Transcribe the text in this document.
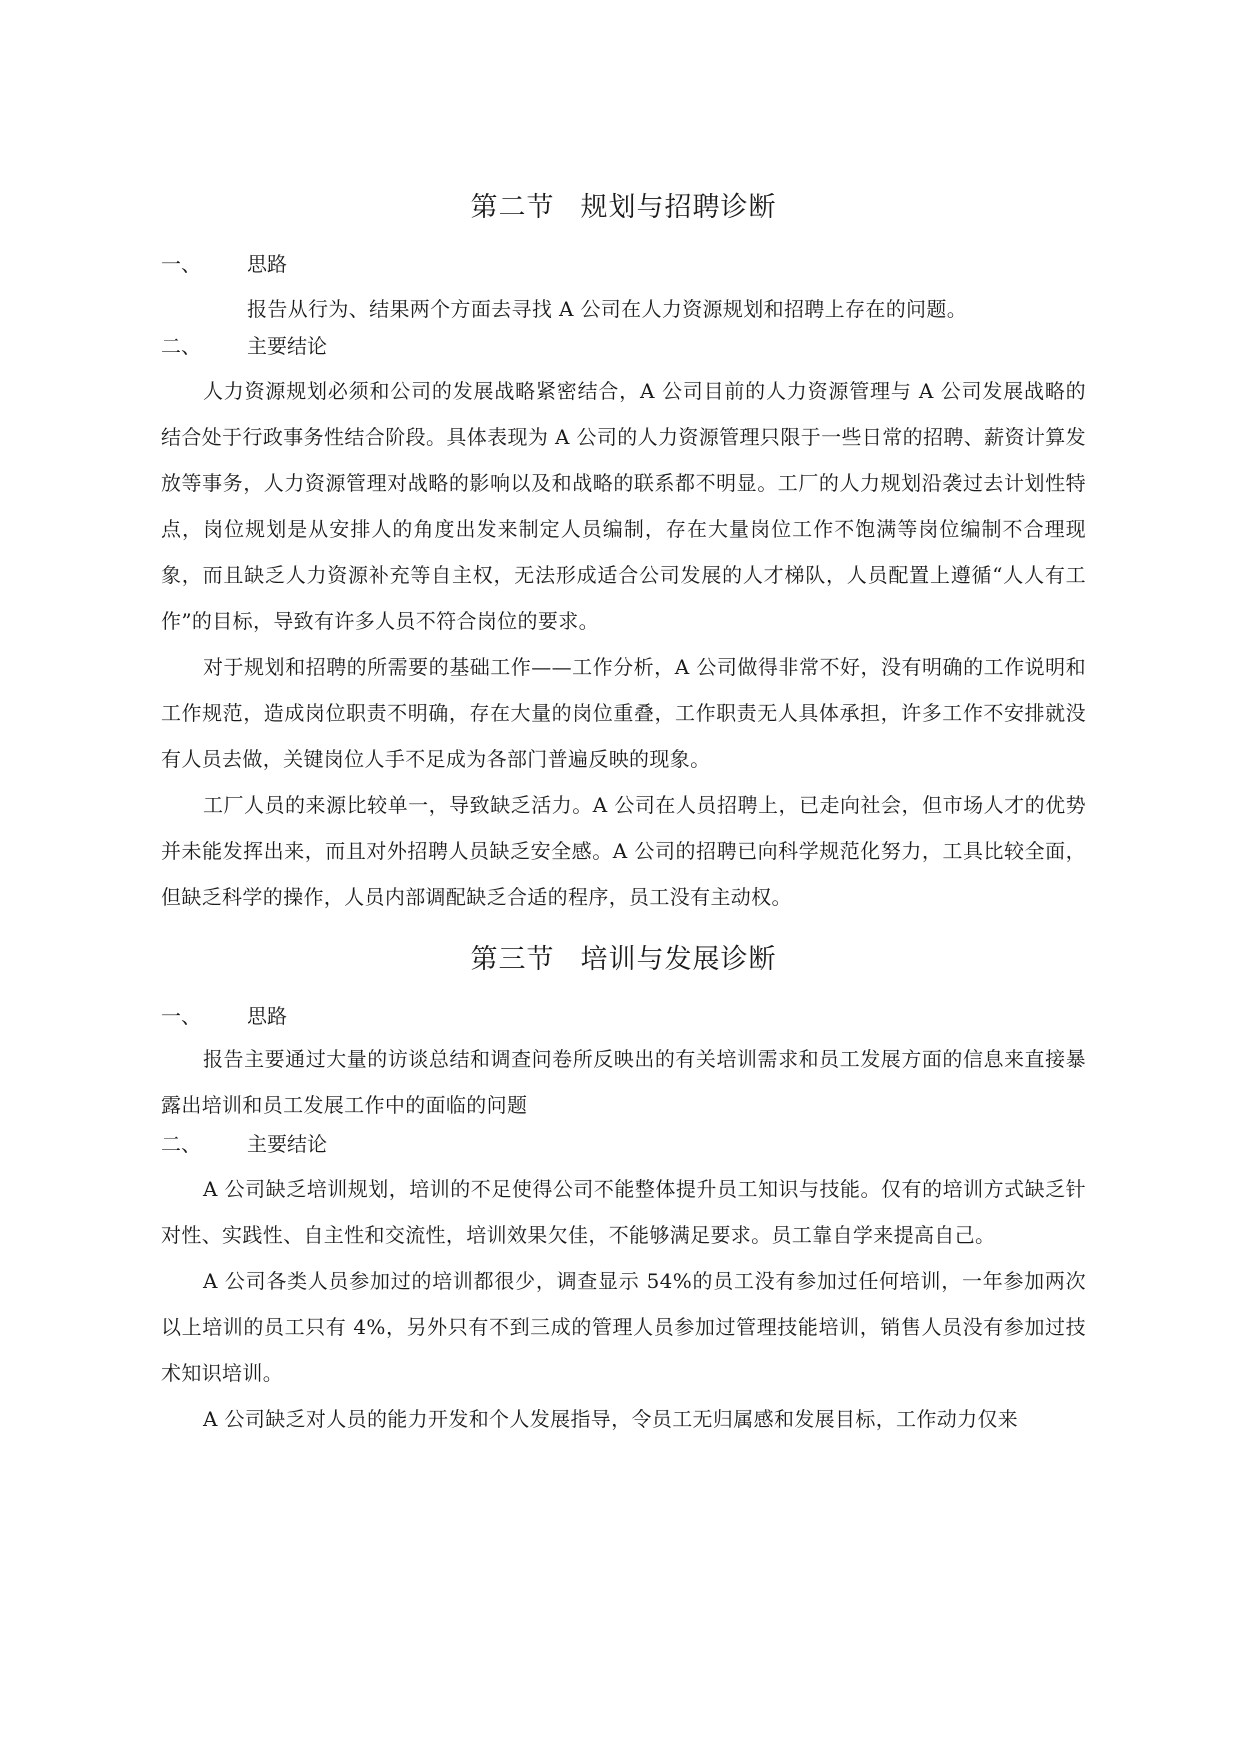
第二节 规划与招聘诊断
一、	思路

报告从行为、结果两个方面去寻找 A 公司在人力资源规划和招聘上存在的问题。

二、	主要结论

人力资源规划必须和公司的发展战略紧密结合，A 公司目前的人力资源管理与 A 公司发展战略的结合处于行政事务性结合阶段。具体表现为 A 公司的人力资源管理只限于一些日常的招聘、薪资计算发放等事务，人力资源管理对战略的影响以及和战略的联系都不明显。工厂的人力规划沿袭过去计划性特点，岗位规划是从安排人的角度出发来制定人员编制，存在大量岗位工作不饱满等岗位编制不合理现象，而且缺乏人力资源补充等自主权，无法形成适合公司发展的人才梯队，人员配置上遵循“人人有工作”的目标，导致有许多人员不符合岗位的要求。

对于规划和招聘的所需要的基础工作——工作分析，A 公司做得非常不好，没有明确的工作说明和工作规范，造成岗位职责不明确，存在大量的岗位重叠，工作职责无人具体承担，许多工作不安排就没有人员去做，关键岗位人手不足成为各部门普遍反映的现象。

工厂人员的来源比较单一，导致缺乏活力。A 公司在人员招聘上，已走向社会，但市场人才的优势并未能发挥出来，而且对外招聘人员缺乏安全感。A 公司的招聘已向科学规范化努力，工具比较全面，但缺乏科学的操作，人员内部调配缺乏合适的程序，员工没有主动权。

第三节 培训与发展诊断
一、	思路

报告主要通过大量的访谈总结和调查问卷所反映出的有关培训需求和员工发展方面的信息来直接暴露出培训和员工发展工作中的面临的问题

二、	主要结论

A 公司缺乏培训规划，培训的不足使得公司不能整体提升员工知识与技能。仅有的培训方式缺乏针对性、实践性、自主性和交流性，培训效果欠佳，不能够满足要求。员工靠自学来提高自己。

A 公司各类人员参加过的培训都很少，调查显示 54%的员工没有参加过任何培训，一年参加两次以上培训的员工只有 4%，另外只有不到三成的管理人员参加过管理技能培训，销售人员没有参加过技术知识培训。

A 公司缺乏对人员的能力开发和个人发展指导，令员工无归属感和发展目标，工作动力仅来
